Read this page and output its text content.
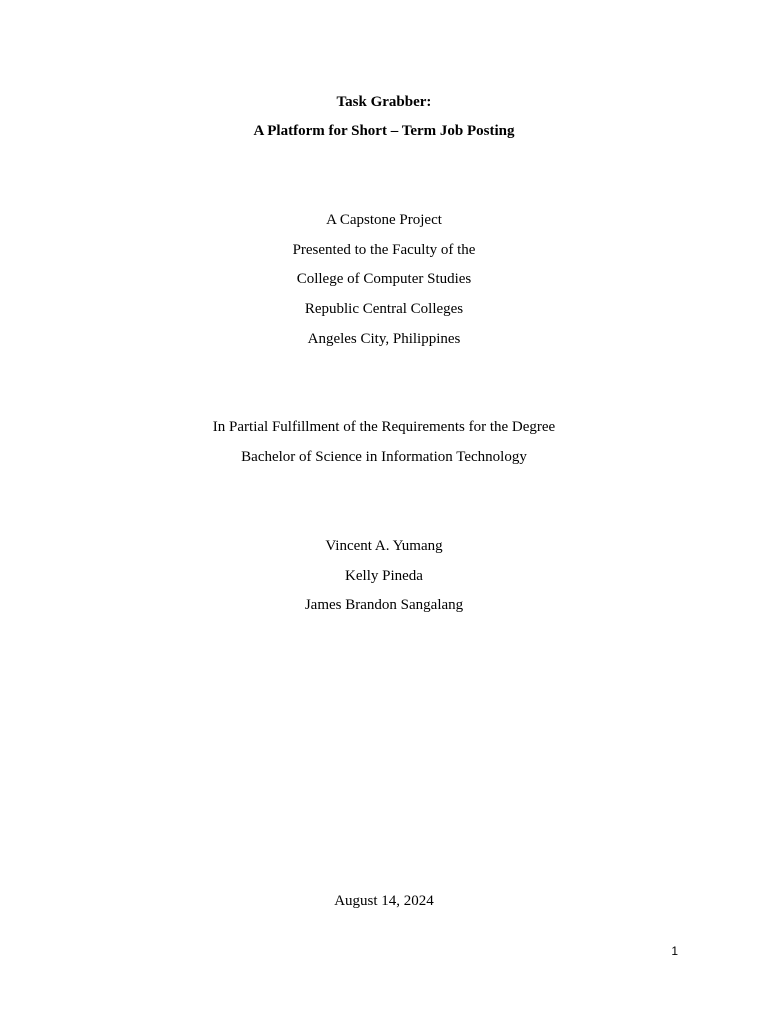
Task Grabber:
A Platform for Short – Term Job Posting
A Capstone Project
Presented to the Faculty of the
College of Computer Studies
Republic Central Colleges
Angeles City, Philippines
In Partial Fulfillment of the Requirements for the Degree
Bachelor of Science in Information Technology
Vincent A. Yumang
Kelly Pineda
James Brandon Sangalang
August 14, 2024
1
